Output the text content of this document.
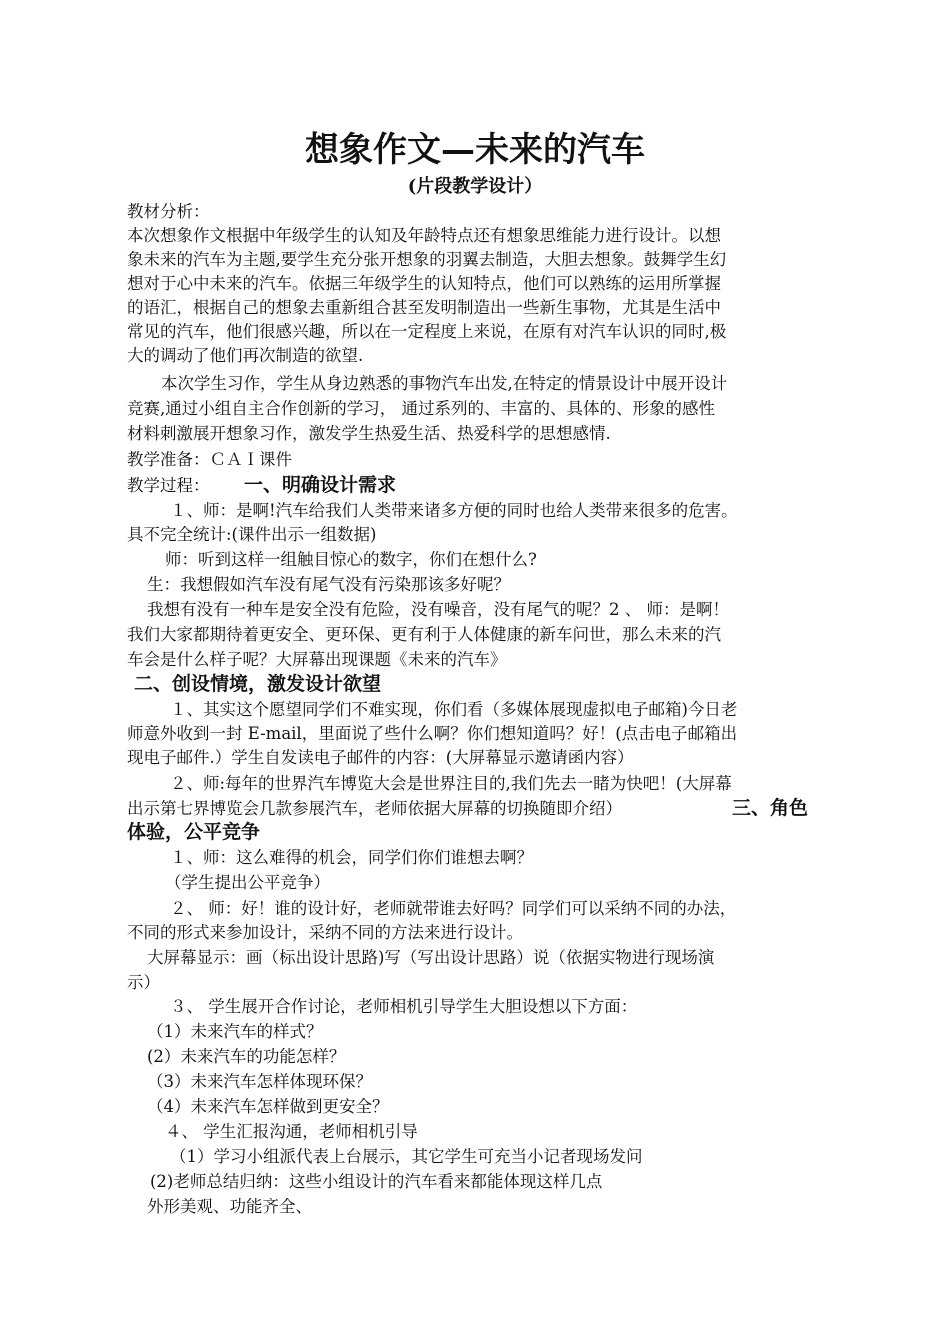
想象作文—未来的汽车
(片段教学设计）
教材分析：
本次想象作文根据中年级学生的认知及年龄特点还有想象思维能力进行设计。以想
象未来的汽车为主题,要学生充分张开想象的羽翼去制造，大胆去想象。鼓舞学生幻
想对于心中未来的汽车。依据三年级学生的认知特点，他们可以熟练的运用所掌握
的语汇，根据自己的想象去重新组合甚至发明制造出一些新生事物，尤其是生活中
常见的汽车，他们很感兴趣，所以在一定程度上来说，在原有对汽车认识的同时,极
大的调动了他们再次制造的欲望.
本次学生习作，学生从身边熟悉的事物汽车出发,在特定的情景设计中展开设计
竞赛,通过小组自主合作创新的学习， 通过系列的、丰富的、具体的、形象的感性
材料刺激展开想象习作，激发学生热爱生活、热爱科学的思想感情.
教学准备：ＣＡＩ课件
教学过程： 一、明确设计需求
１、师：是啊!汽车给我们人类带来诸多方便的同时也给人类带来很多的危害。
具不完全统计:(课件出示一组数据)
师：听到这样一组触目惊心的数字，你们在想什么?
生：我想假如汽车没有尾气没有污染那该多好呢？
我想有没有一种车是安全没有危险，没有噪音，没有尾气的呢？2 、 师：是啊！
我们大家都期待着更安全、更环保、更有利于人体健康的新车问世，那么未来的汽
车会是什么样子呢？大屏幕出现课题《未来的汽车》
二、创设情境，激发设计欲望
１、其实这个愿望同学们不难实现，你们看（多媒体展现虚拟电子邮箱)今日老
师意外收到一封 E-mail，里面说了些什么啊？你们想知道吗？好！(点击电子邮箱出
现电子邮件.）学生自发读电子邮件的内容：(大屏幕显示邀请函内容）
２、师:每年的世界汽车博览大会是世界注目的,我们先去一睹为快吧！(大屏幕
出示第七界博览会几款参展汽车，老师依据大屏幕的切换随即介绍）	三、角色
体验，公平竞争
１、师：这么难得的机会，同学们你们谁想去啊？
（学生提出公平竞争）
２、 师：好！谁的设计好，老师就带谁去好吗？同学们可以采纳不同的办法，
不同的形式来参加设计，采纳不同的方法来进行设计。
大屏幕显示：画（标出设计思路)写（写出设计思路）说（依据实物进行现场演
示）
３、 学生展开合作讨论，老师相机引导学生大胆设想以下方面：
（1）未来汽车的样式？
(2）未来汽车的功能怎样？
（3）未来汽车怎样体现环保？
（4）未来汽车怎样做到更安全？
４、 学生汇报沟通，老师相机引导
（1）学习小组派代表上台展示，其它学生可充当小记者现场发问
(2)老师总结归纳：这些小组设计的汽车看来都能体现这样几点
外形美观、功能齐全、
